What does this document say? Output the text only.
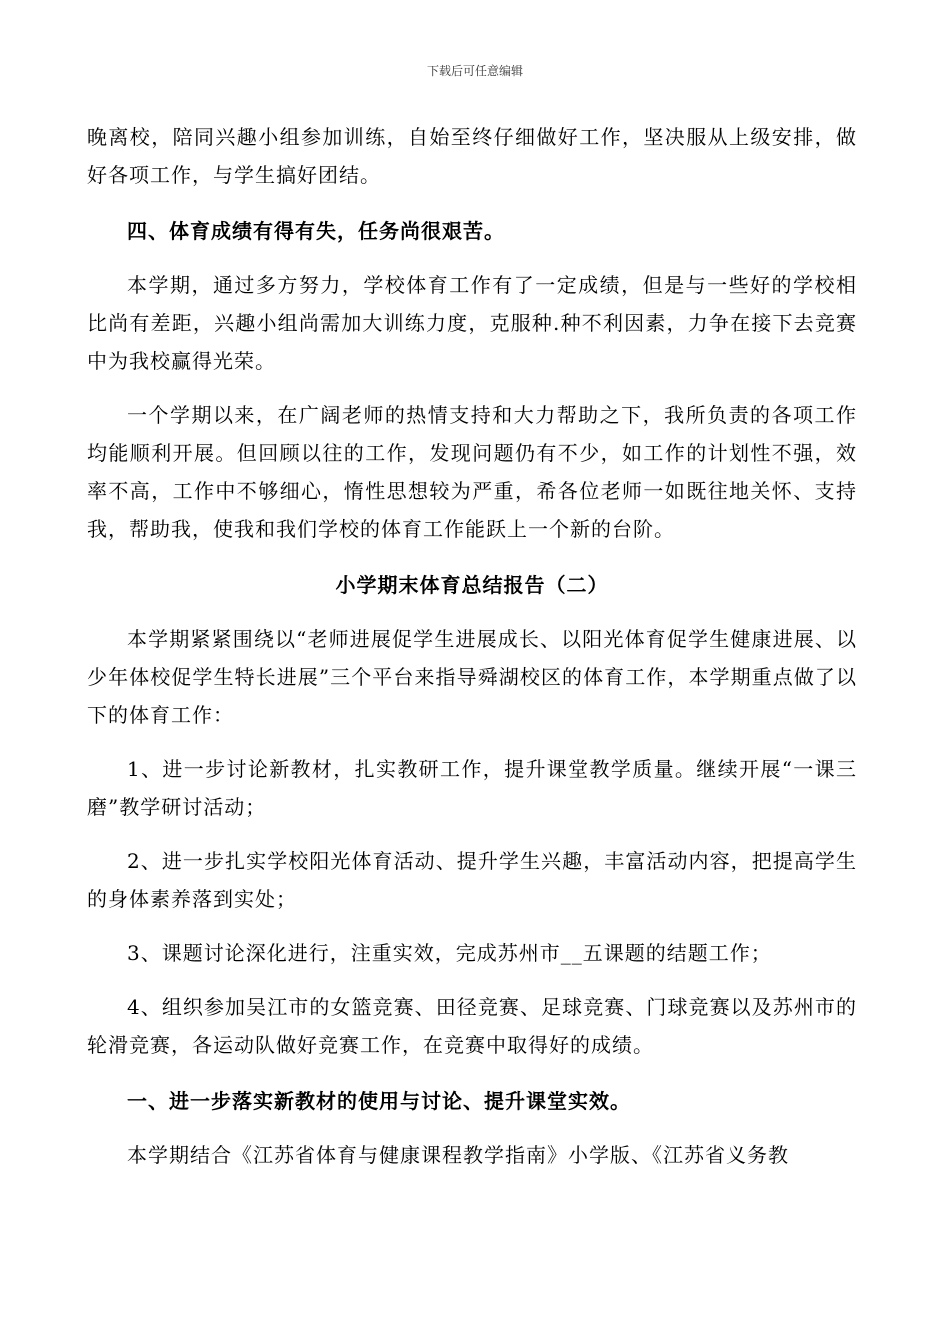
下载后可任意编辑

晚离校，陪同兴趣小组参加训练，自始至终仔细做好工作，坚决服从上级安排，做好各项工作，与学生搞好团结。

四、体育成绩有得有失，任务尚很艰苦。

本学期，通过多方努力，学校体育工作有了一定成绩，但是与一些好的学校相比尚有差距，兴趣小组尚需加大训练力度，克服种.种不利因素，力争在接下去竞赛中为我校赢得光荣。

一个学期以来，在广阔老师的热情支持和大力帮助之下，我所负责的各项工作均能顺利开展。但回顾以往的工作，发现问题仍有不少，如工作的计划性不强，效率不高，工作中不够细心，惰性思想较为严重，希各位老师一如既往地关怀、支持我，帮助我，使我和我们学校的体育工作能跃上一个新的台阶。

小学期末体育总结报告（二）

本学期紧紧围绕以“老师进展促学生进展成长、以阳光体育促学生健康进展、以少年体校促学生特长进展”三个平台来指导舜湖校区的体育工作，本学期重点做了以下的体育工作：

1、进一步讨论新教材，扎实教研工作，提升课堂教学质量。继续开展“一课三磨”教学研讨活动；

2、进一步扎实学校阳光体育活动、提升学生兴趣，丰富活动内容，把提高学生的身体素养落到实处；

3、课题讨论深化进行，注重实效，完成苏州市__五课题的结题工作；

4、组织参加吴江市的女篮竞赛、田径竞赛、足球竞赛、门球竞赛以及苏州市的轮滑竞赛，各运动队做好竞赛工作，在竞赛中取得好的成绩。

一、进一步落实新教材的使用与讨论、提升课堂实效。

本学期结合《江苏省体育与健康课程教学指南》小学版、《江苏省义务教
